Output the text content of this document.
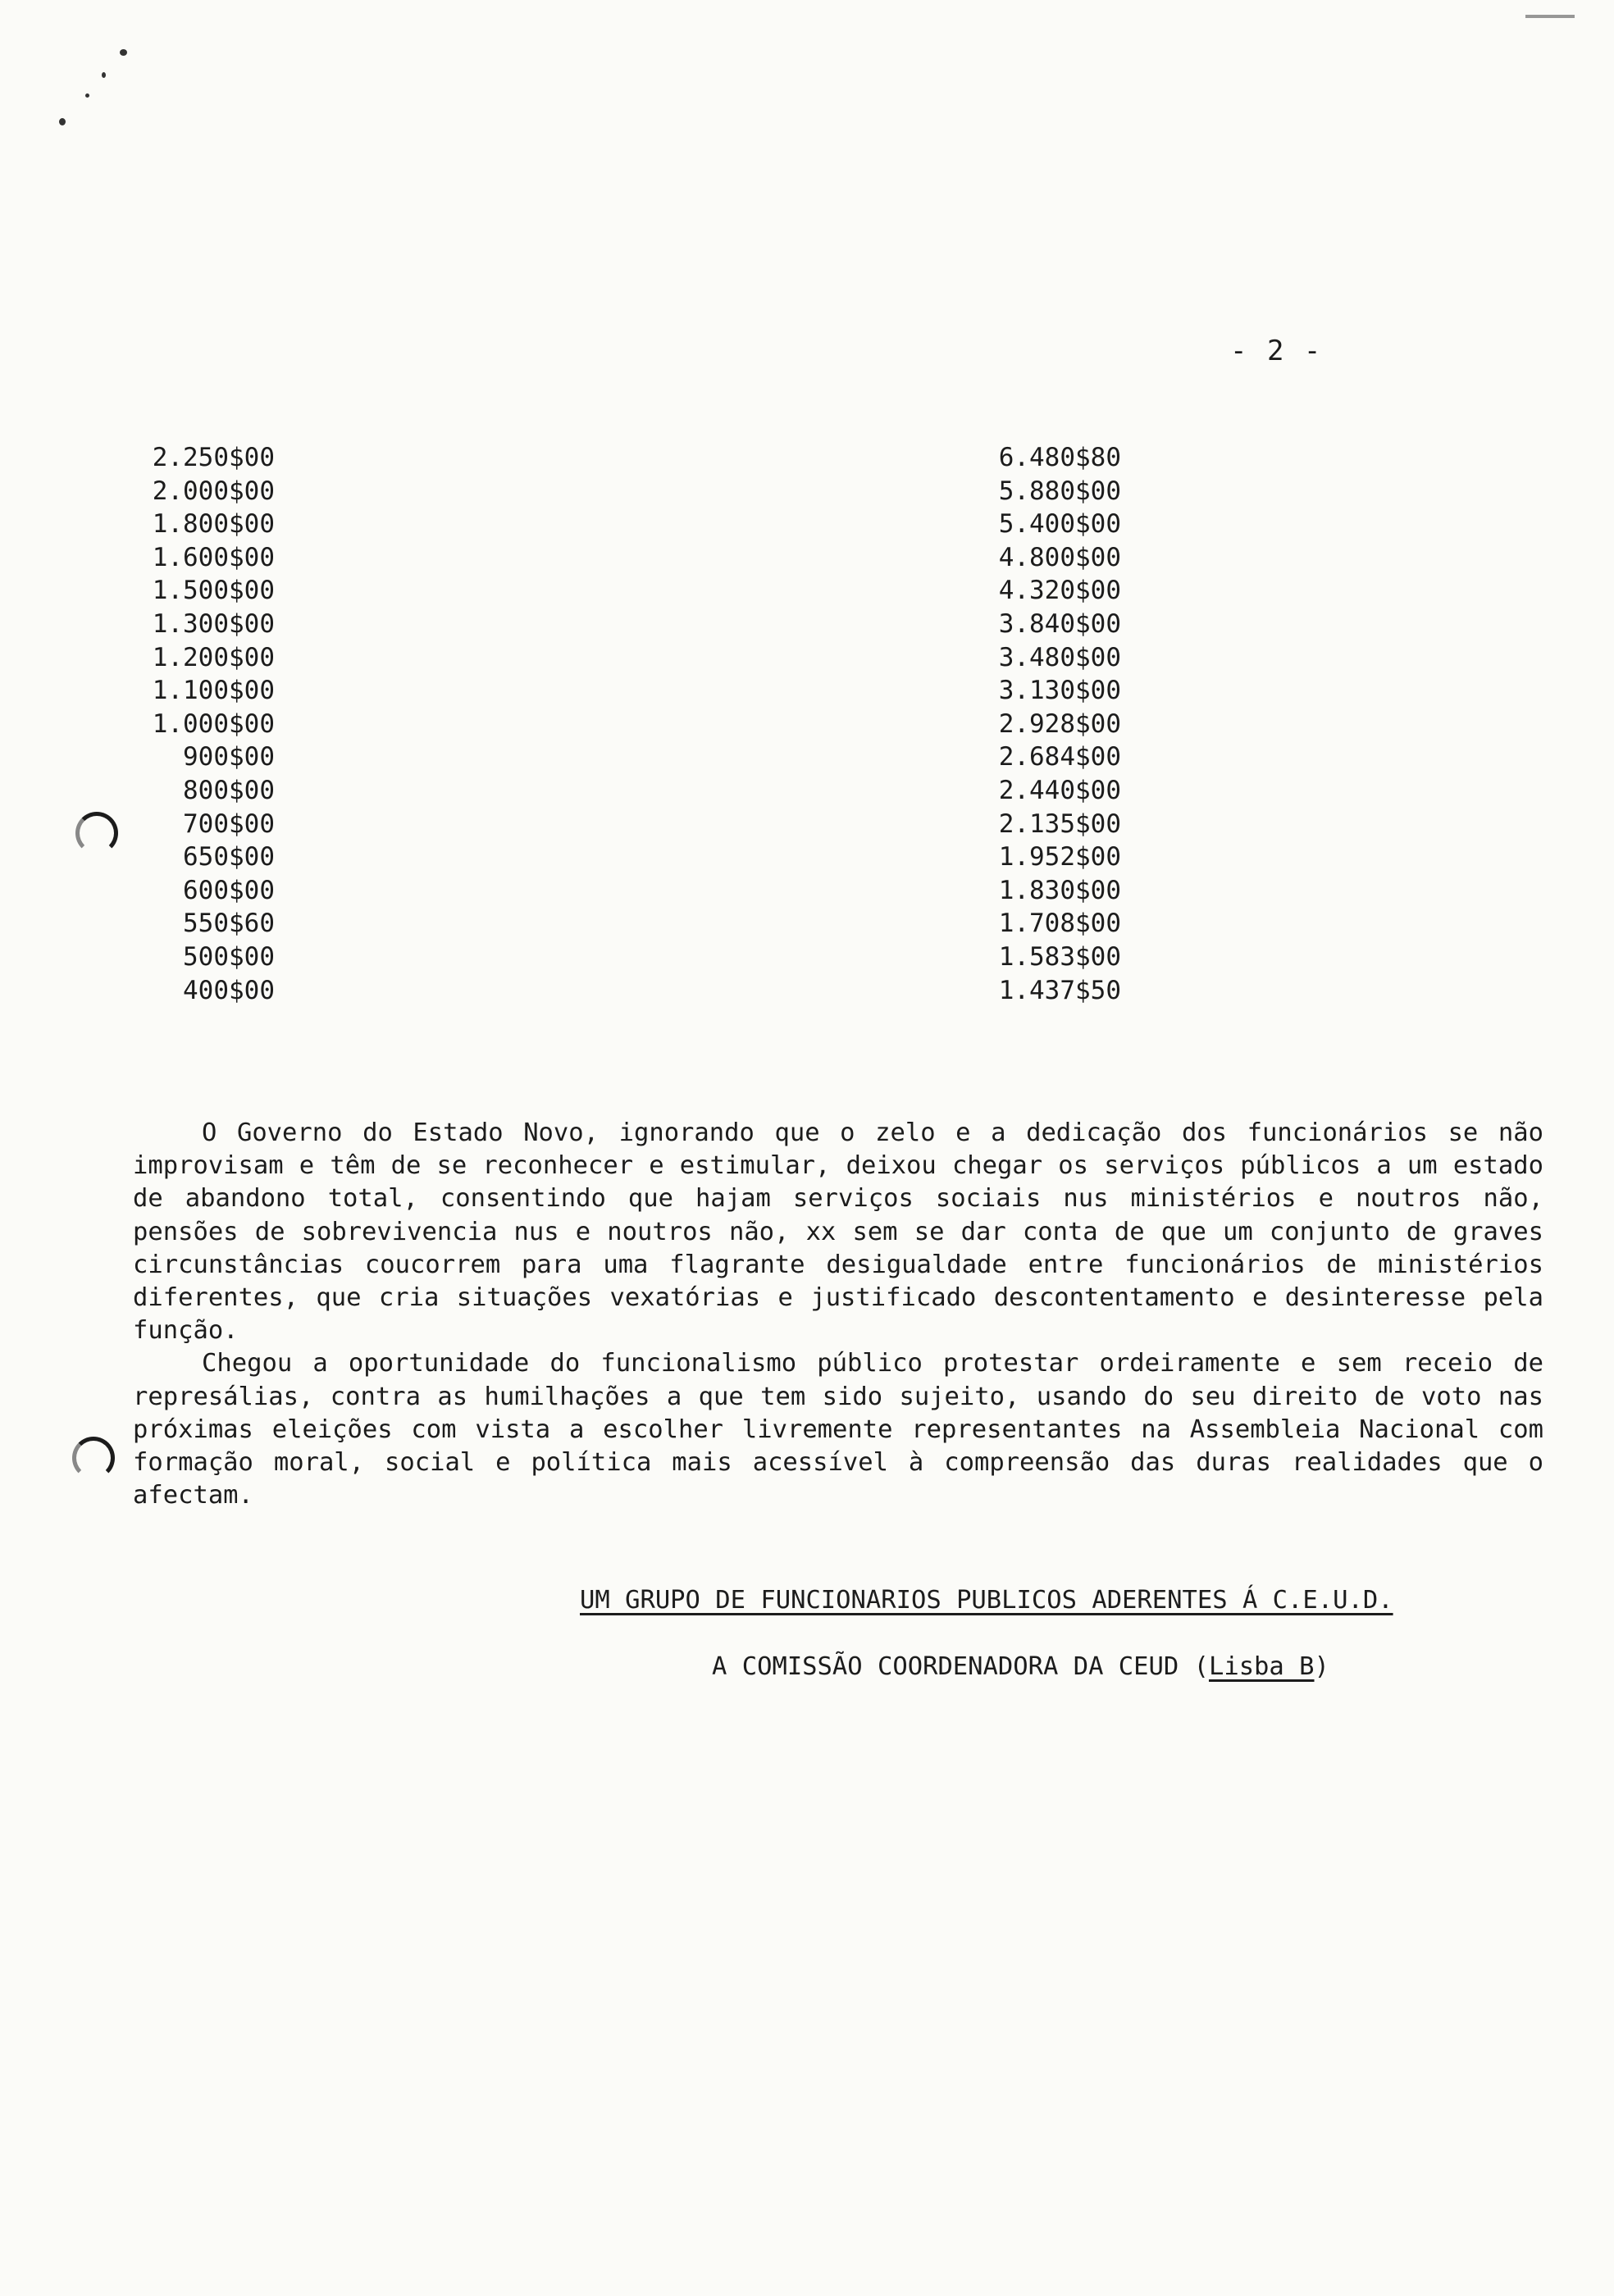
- 2 -
2.250$00	6.480$80
2.000$00	5.880$00
1.800$00	5.400$00
1.600$00	4.800$00
1.500$00	4.320$00
1.300$00	3.840$00
1.200$00	3.480$00
1.100$00	3.130$00
1.000$00	2.928$00
900$00	2.684$00
800$00	2.440$00
700$00	2.135$00
650$00	1.952$00
600$00	1.830$00
550$60	1.708$00
500$00	1.583$00
400$00	1.437$50

O Governo do Estado Novo, ignorando que o zelo e a dedicação dos funcionários se não improvisam e têm de se reconhecer e estimular, deixou chegar os serviços públicos a um estado de abandono total, consentindo que hajam serviços sociais nus ministérios e noutros não, pensões de sobrevivencia nus e noutros não, xx sem se dar conta de que um conjunto de graves circunstâncias coucorrem para uma flagrante desigualdade entre funcionários de ministérios diferentes, que cria situações vexatórias e justificado descontentamento e desinteresse pela função.

Chegou a oportunidade do funcionalismo público protestar ordeiramente e sem receio de represálias, contra as humilhações a que tem sido sujeito, usando do seu direito de voto nas próximas eleições com vista a escolher livremente representantes na Assembleia Nacional com formação moral, social e política mais acessível à compreensão das duras realidades que o afectam.

UM GRUPO DE FUNCIONARIOS PUBLICOS ADERENTES Á C.E.U.D.
A COMISSÃO COORDENADORA DA CEUD (Lisba B)
